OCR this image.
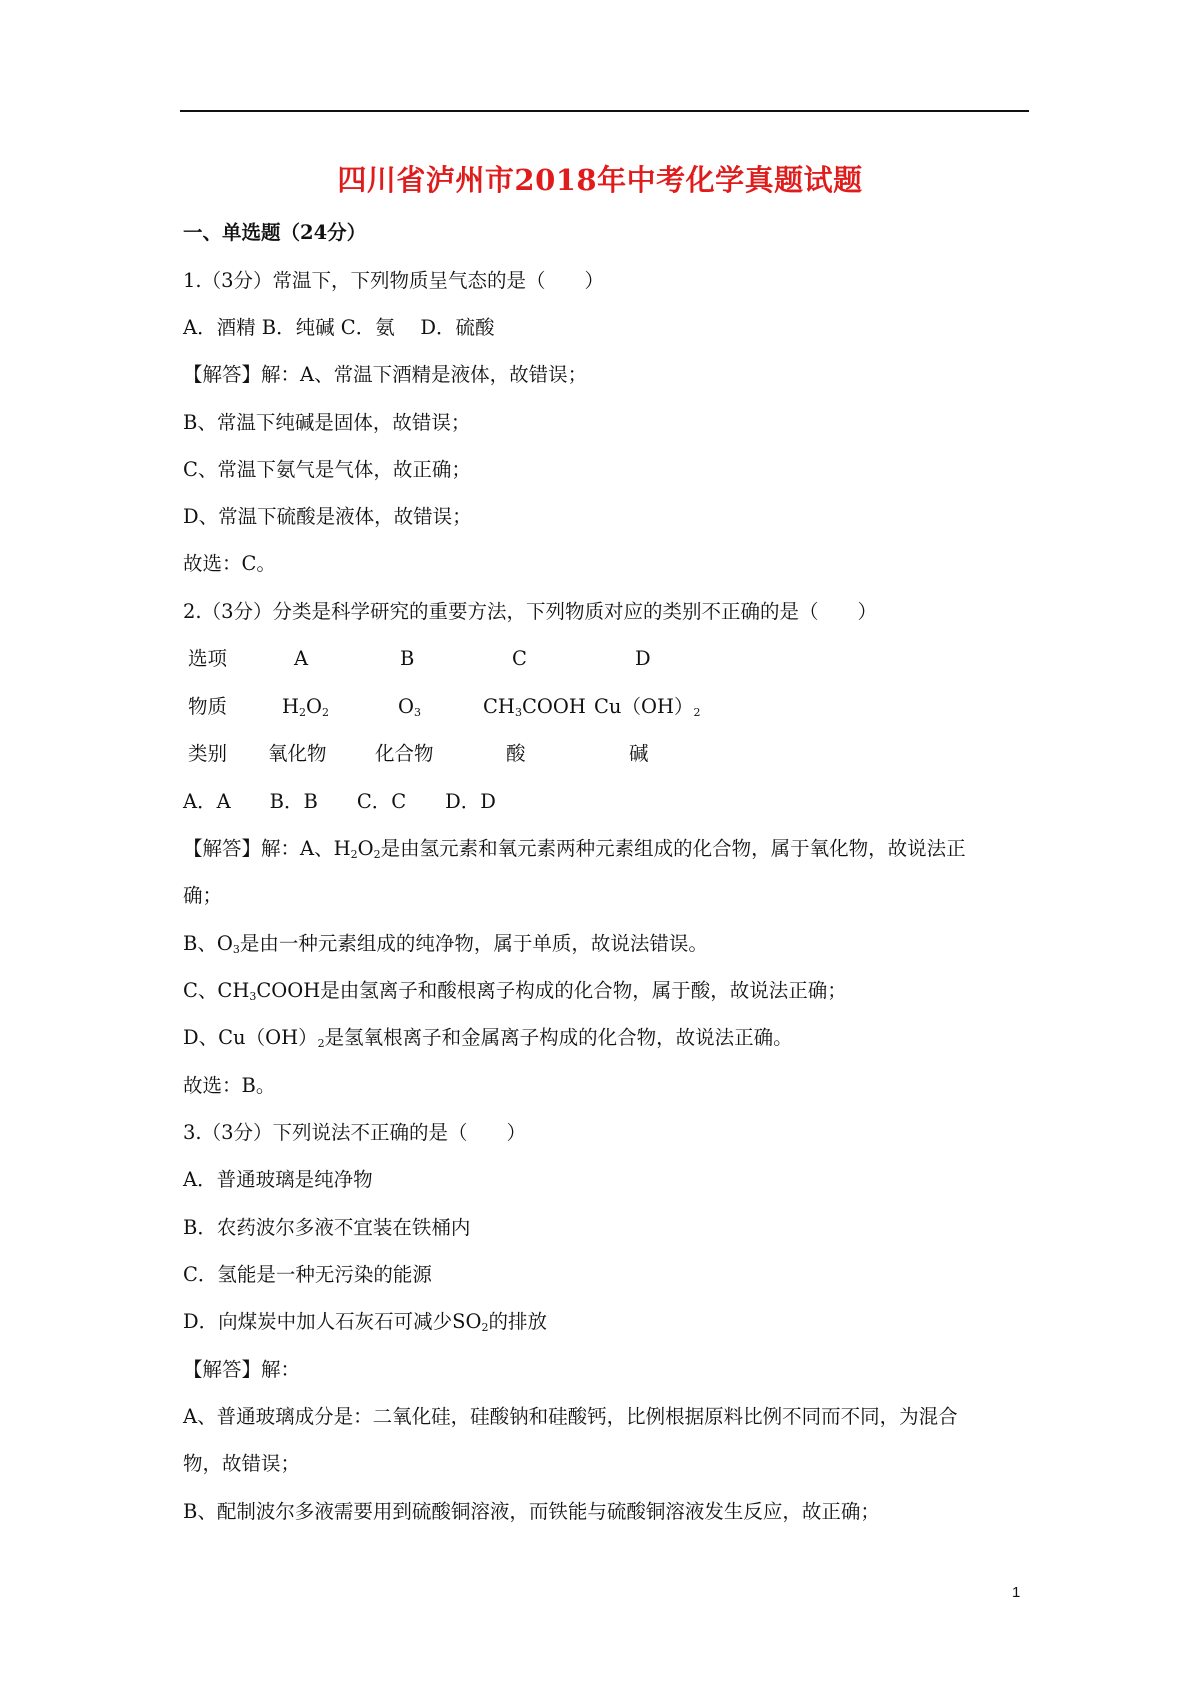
四川省泸州市2018年中考化学真题试题
一、单选题（24分）
1.（3分）常温下，下列物质呈气态的是（　　）
A．酒精 B．纯碱 C．氨　 D．硫酸
【解答】解：A、常温下酒精是液体，故错误；
B、常温下纯碱是固体，故错误；
C、常温下氨气是气体，故正确；
D、常温下硫酸是液体，故错误；
故选：C。
2.（3分）分类是科学研究的重要方法，下列物质对应的类别不正确的是（　　）
选项	A	B	C	D
物质	$H_2O_2$	$O_3$	$CH_3COOH$ $Cu(OH)_2$
类别 氧化物 化合物	酸	碱
A．A　　B．B　　C．C　　D．D
【解答】解：A、$H_2O_2$是由氢元素和氧元素两种元素组成的化合物，属于氧化物，故说法正
确；
B、$O_3$是由一种元素组成的纯净物，属于单质，故说法错误。
C、$CH_3COOH$是由氢离子和酸根离子构成的化合物，属于酸，故说法正确；
D、$Cu(OH)_2$是氢氧根离子和金属离子构成的化合物，故说法正确。
故选：B。
3.（3分）下列说法不正确的是（　　）
A．普通玻璃是纯净物
B．农药波尔多液不宜装在铁桶内
C．氢能是一种无污染的能源
D．向煤炭中加人石灰石可减少$SO_2$的排放
【解答】解：
A、普通玻璃成分是：二氧化硅，硅酸钠和硅酸钙，比例根据原料比例不同而不同，为混合
物，故错误；
B、配制波尔多液需要用到硫酸铜溶液，而铁能与硫酸铜溶液发生反应，故正确；
1
